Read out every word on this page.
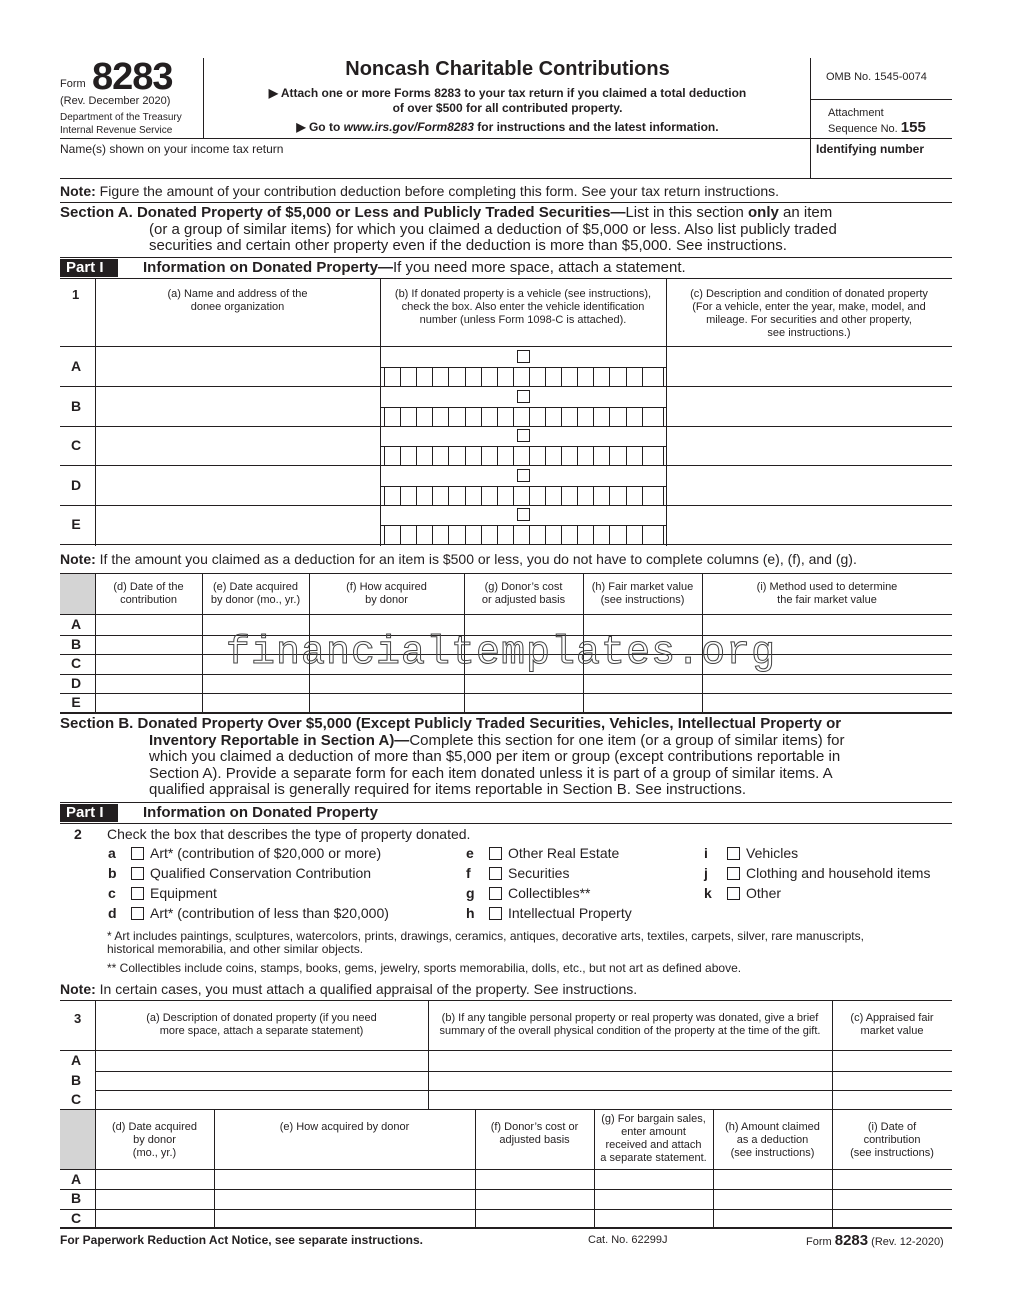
Form 8283
(Rev. December 2020)
Department of the Treasury
Internal Revenue Service
Noncash Charitable Contributions
▶ Attach one or more Forms 8283 to your tax return if you claimed a total deduction
of over $500 for all contributed property.
▶ Go to www.irs.gov/Form8283 for instructions and the latest information.
OMB No. 1545-0074
Attachment
Sequence No. 155
Name(s) shown on your income tax return	Identifying number
Note: Figure the amount of your contribution deduction before completing this form. See your tax return instructions.
Section A. Donated Property of $5,000 or Less and Publicly Traded Securities—List in this section only an item
(or a group of similar items) for which you claimed a deduction of $5,000 or less. Also list publicly traded
securities and certain other property even if the deduction is more than $5,000. See instructions.
Part I	Information on Donated Property—If you need more space, attach a statement.
1	(a) Name and address of the
donee organization
(b) If donated property is a vehicle (see instructions),
check the box. Also enter the vehicle identification
number (unless Form 1098-C is attached).
(c) Description and condition of donated property
(For a vehicle, enter the year, make, model, and
mileage. For securities and other property,
see instructions.)
A
B
C
D
E
Note: If the amount you claimed as a deduction for an item is $500 or less, you do not have to complete columns (e), (f), and (g).
(d) Date of the
contribution
(e) Date acquired
by donor (mo., yr.)
(f) How acquired
by donor
(g) Donor’s cost
or adjusted basis
(h) Fair market value
(see instructions)
(i) Method used to determine
the fair market value
A
B
C
D
E
financialtemplates.org
Section B. Donated Property Over $5,000 (Except Publicly Traded Securities, Vehicles, Intellectual Property or
Inventory Reportable in Section A)—Complete this section for one item (or a group of similar items) for
which you claimed a deduction of more than $5,000 per item or group (except contributions reportable in
Section A). Provide a separate form for each item donated unless it is part of a group of similar items. A
qualified appraisal is generally required for items reportable in Section B. See instructions.
Part I	Information on Donated Property
2 Check the box that describes the type of property donated.
a Art* (contribution of $20,000 or more)
b Qualified Conservation Contribution
c Equipment
d Art* (contribution of less than $20,000)
e Other Real Estate
f	Securities
g Collectibles**
h Intellectual Property
i	Vehicles
j	Clothing and household items
k Other
* Art includes paintings, sculptures, watercolors, prints, drawings, ceramics, antiques, decorative arts, textiles, carpets, silver, rare manuscripts,
historical memorabilia, and other similar objects.
** Collectibles include coins, stamps, books, gems, jewelry, sports memorabilia, dolls, etc., but not art as defined above.
Note: In certain cases, you must attach a qualified appraisal of the property. See instructions.
3	(a) Description of donated property (if you need
more space, attach a separate statement)
(b) If any tangible personal property or real property was donated, give a brief
summary of the overall physical condition of the property at the time of the gift.
(c) Appraised fair
market value
A
B
C
(d) Date acquired
by donor
(mo., yr.)
(e) How acquired by donor	(f) Donor’s cost or
adjusted basis
(g) For bargain sales,
enter amount
received and attach
a separate statement.
(h) Amount claimed
as a deduction
(see instructions)
(i) Date of
contribution
(see instructions)
A
B
C
For Paperwork Reduction Act Notice, see separate instructions.	Cat. No. 62299J	Form 8283 (Rev. 12-2020)
